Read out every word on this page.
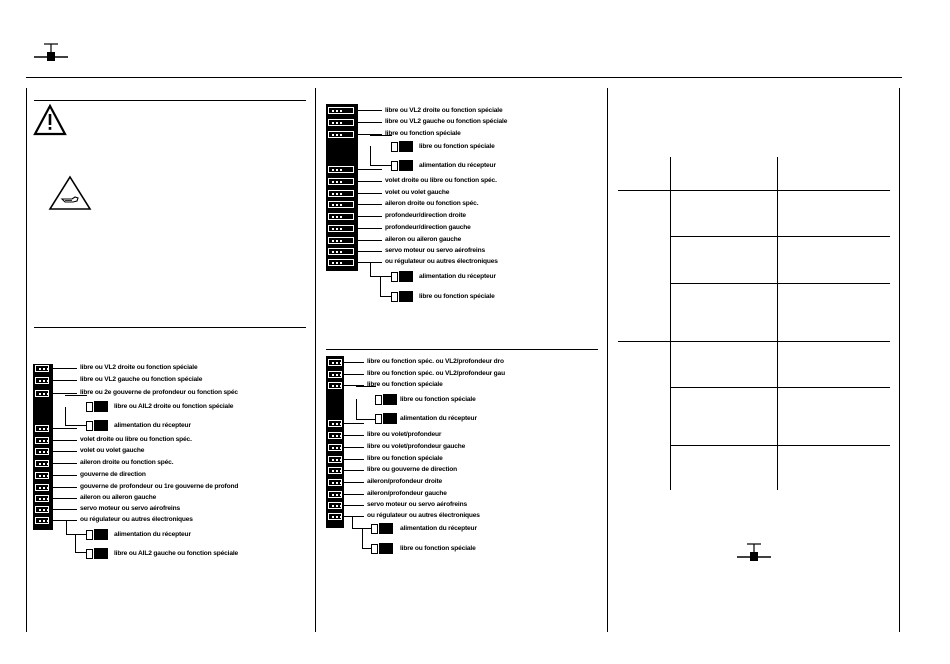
libre ou VL2 droite ou fonction spéciale
libre ou VL2 gauche ou fonction spéciale
libre ou 2e gouverne de profondeur ou fonction spéc
volet droite ou libre ou fonction spéc.
volet ou volet gauche
aileron droite ou fonction spéc.
gouverne de direction
gouverne de profondeur ou 1re gouverne de profond
aileron ou aileron gauche
servo moteur ou servo aérofreins
ou régulateur ou autres électroniques
libre ou AIL2 droite ou fonction spéciale
alimentation du récepteur
alimentation du récepteur
libre ou AIL2 gauche ou fonction spéciale
libre ou VL2 droite ou fonction spéciale
libre ou VL2 gauche ou fonction spéciale
libre ou fonction spéciale
volet droite ou libre ou fonction spéc.
volet ou volet gauche
aileron droite ou fonction spéc.
profondeur/direction droite
profondeur/direction gauche
aileron ou aileron gauche
servo moteur ou servo aérofreins
ou régulateur ou autres électroniques
libre ou fonction spéciale
alimentation du récepteur
alimentation du récepteur
libre ou fonction spéciale
libre ou fonction spéc. ou VL2/profondeur dro
libre ou fonction spéc. ou VL2/profondeur gau
libre ou fonction spéciale
libre ou volet/profondeur
libre ou volet/profondeur gauche
libre ou fonction spéciale
libre ou gouverne de direction
aileron/profondeur droite
aileron/profondeur gauche
servo moteur ou servo aérofreins
ou régulateur ou autres électroniques
libre ou fonction spéciale
alimentation du récepteur
alimentation du récepteur
libre ou fonction spéciale
